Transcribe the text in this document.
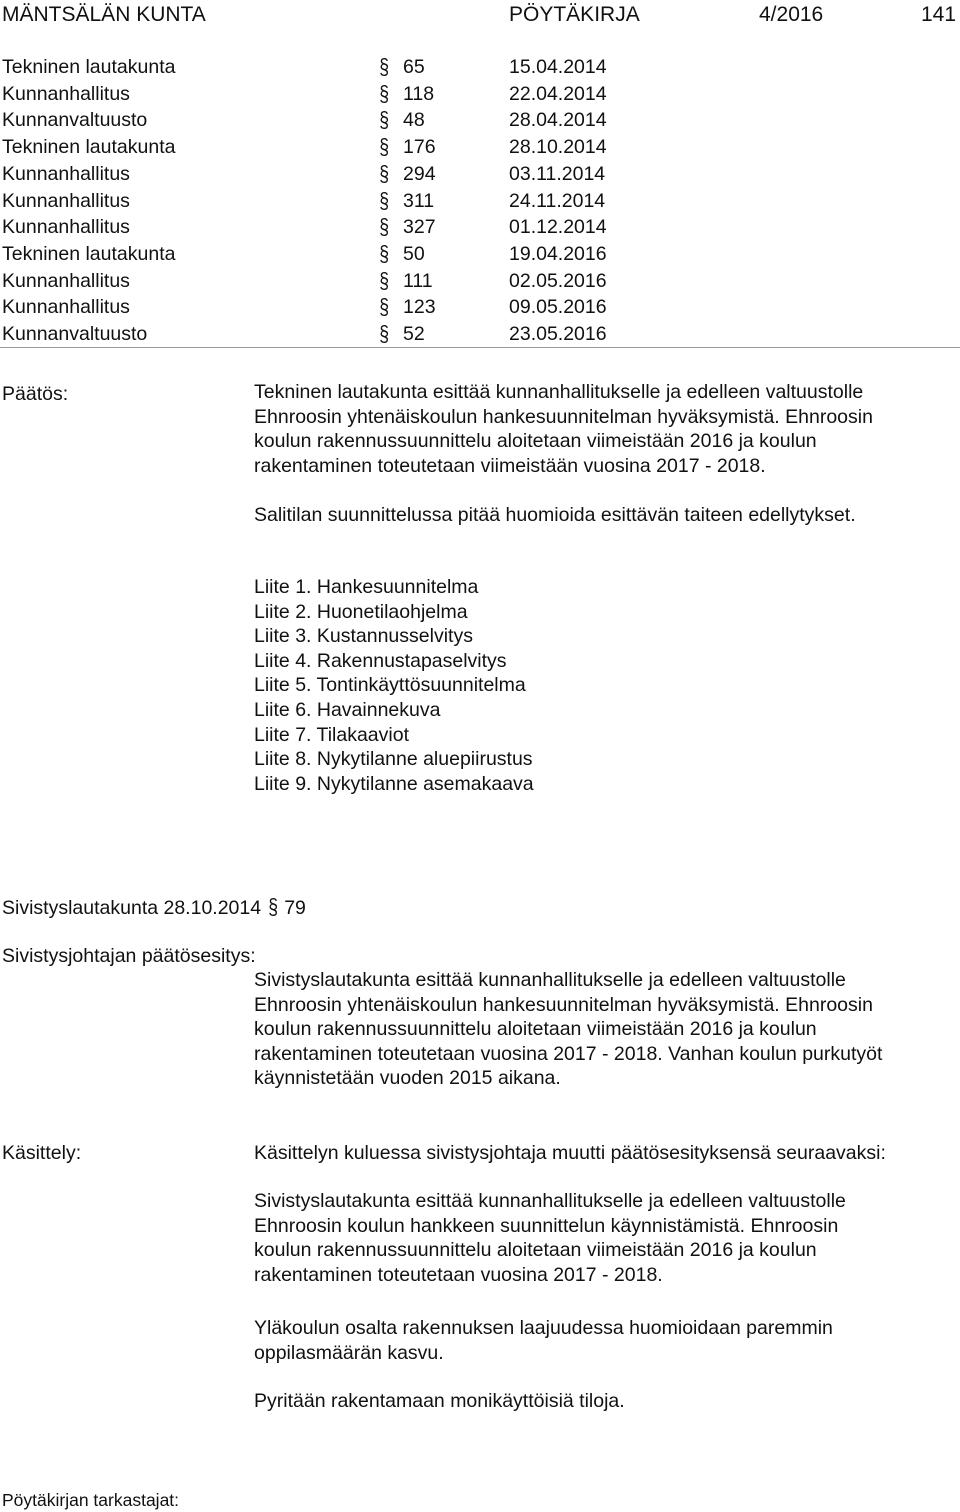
MÄNTSÄLÄN KUNTA	PÖYTÄKIRJA	4/2016	141
Tekninen lautakunta	§ 65	15.04.2014
Kunnanhallitus	§ 118	22.04.2014
Kunnanvaltuusto	§ 48	28.04.2014
Tekninen lautakunta	§ 176	28.10.2014
Kunnanhallitus	§ 294	03.11.2014
Kunnanhallitus	§ 311	24.11.2014
Kunnanhallitus	§ 327	01.12.2014
Tekninen lautakunta	§ 50	19.04.2016
Kunnanhallitus	§ 111	02.05.2016
Kunnanhallitus	§ 123	09.05.2016
Kunnanvaltuusto	§ 52	23.05.2016
Päätös:	Tekninen lautakunta esittää kunnanhallitukselle ja edelleen valtuustolle
Ehnroosin yhtenäiskoulun hankesuunnitelman hyväksymistä. Ehnroosin
koulun rakennussuunnittelu aloitetaan viimeistään 2016 ja koulun
rakentaminen toteutetaan viimeistään vuosina 2017 - 2018.
Salitilan suunnittelussa pitää huomioida esittävän taiteen edellytykset.
Liite 1. Hankesuunnitelma
Liite 2. Huonetilaohjelma
Liite 3. Kustannusselvitys
Liite 4. Rakennustapaselvitys
Liite 5. Tontinkäyttösuunnitelma
Liite 6. Havainnekuva
Liite 7. Tilakaaviot
Liite 8. Nykytilanne aluepiirustus
Liite 9. Nykytilanne asemakaava
Sivistyslautakunta 28.10.2014 § 79
Sivistysjohtajan päätösesitys:
Sivistyslautakunta esittää kunnanhallitukselle ja edelleen valtuustolle
Ehnroosin yhtenäiskoulun hankesuunnitelman hyväksymistä. Ehnroosin
koulun rakennussuunnittelu aloitetaan viimeistään 2016 ja koulun
rakentaminen toteutetaan vuosina 2017 - 2018. Vanhan koulun purkutyöt
käynnistetään vuoden 2015 aikana.
Käsittely:	Käsittelyn kuluessa sivistysjohtaja muutti päätösesityksensä seuraavaksi:
Sivistyslautakunta esittää kunnanhallitukselle ja edelleen valtuustolle
Ehnroosin koulun hankkeen suunnittelun käynnistämistä. Ehnroosin
koulun rakennussuunnittelu aloitetaan viimeistään 2016 ja koulun
rakentaminen toteutetaan vuosina 2017 - 2018.
Yläkoulun osalta rakennuksen laajuudessa huomioidaan paremmin
oppilasmäärän kasvu.
Pyritään rakentamaan monikäyttöisiä tiloja.
Pöytäkirjan tarkastajat:
